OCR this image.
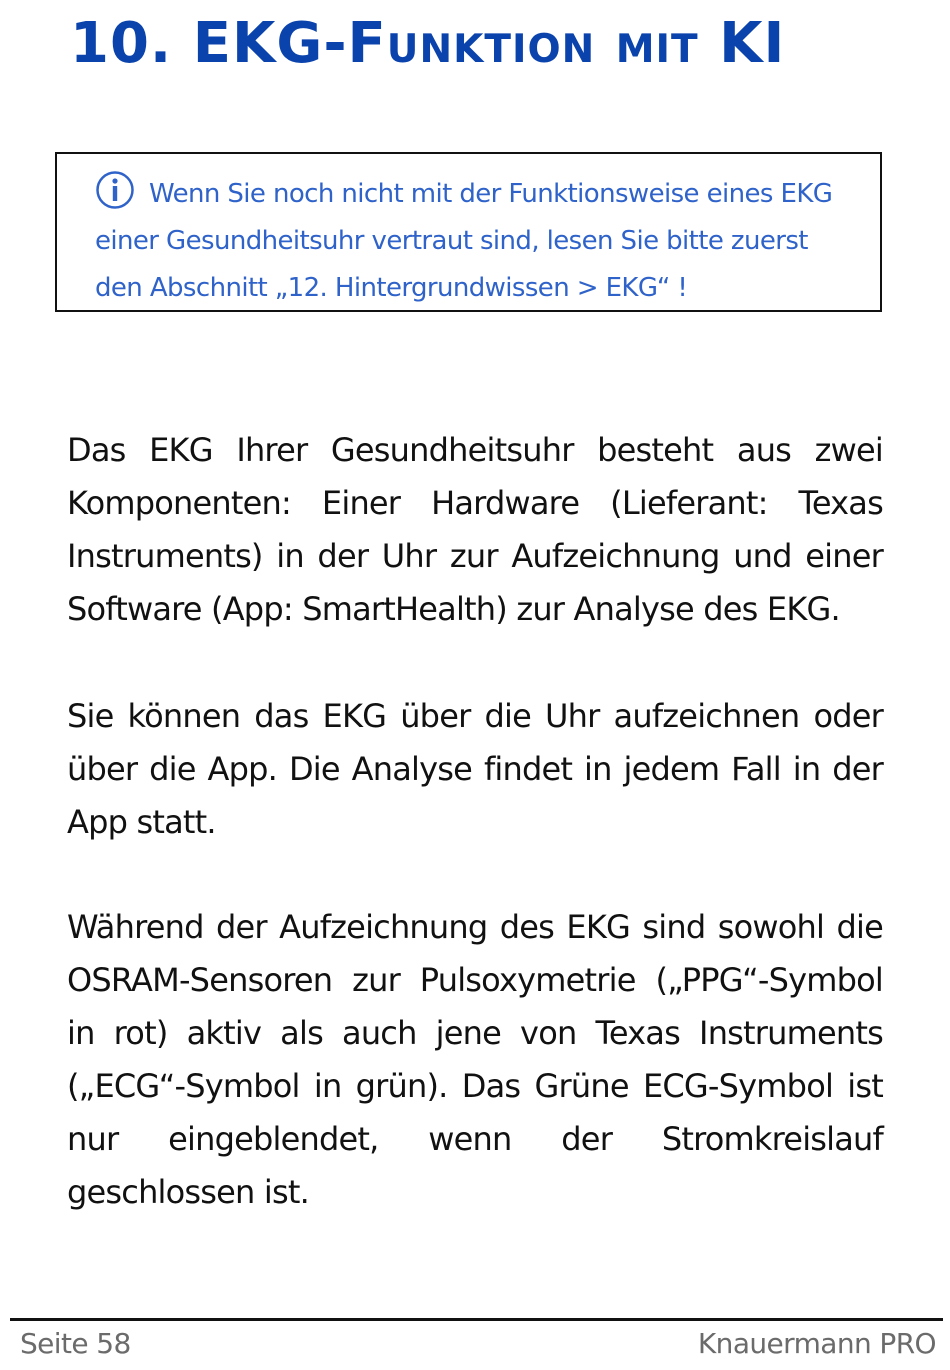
10. EKG-Funktion mit KI
Wenn Sie noch nicht mit der Funktionsweise eines EKG einer Gesundheitsuhr vertraut sind, lesen Sie bitte zuerst den Abschnitt „12. Hintergrundwissen > EKG“ !

Das EKG Ihrer Gesundheitsuhr besteht aus zwei Komponenten: Einer Hardware (Lieferant: Texas Instruments) in der Uhr zur Aufzeichnung und einer Software (App: SmartHealth) zur Analyse des EKG.

Sie können das EKG über die Uhr aufzeichnen oder über die App. Die Analyse findet in jedem Fall in der App statt.

Während der Aufzeichnung des EKG sind sowohl die OSRAM-Sensoren zur Pulsoxymetrie („PPG“-Symbol in rot) aktiv als auch jene von Texas Instruments („ECG“-Symbol in grün). Das Grüne ECG-Symbol ist nur eingeblendet, wenn der Stromkreislauf geschlossen ist.

Seite 58	Knauermann PRO
